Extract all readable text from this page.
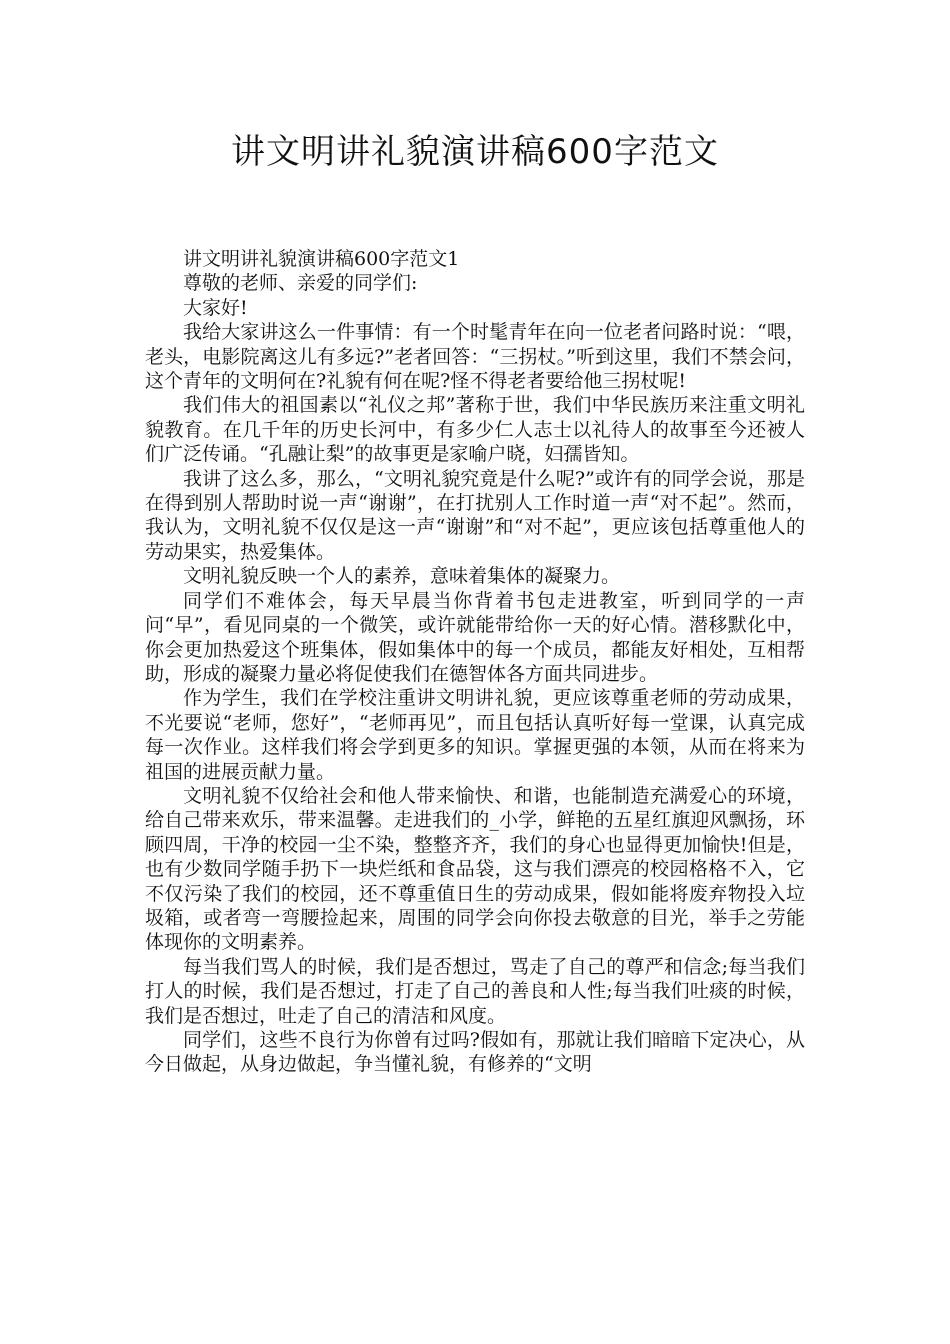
讲文明讲礼貌演讲稿600字范文

讲文明讲礼貌演讲稿600字范文1

尊敬的老师、亲爱的同学们:

大家好!

我给大家讲这么一件事情：有一个时髦青年在向一位老者问路时说：“喂，老头，电影院离这儿有多远?”老者回答：“三拐杖。”听到这里，我们不禁会问，这个青年的文明何在?礼貌有何在呢?怪不得老者要给他三拐杖呢!

我们伟大的祖国素以“礼仪之邦”著称于世，我们中华民族历来注重文明礼貌教育。在几千年的历史长河中，有多少仁人志士以礼待人的故事至今还被人们广泛传诵。“孔融让梨”的故事更是家喻户晓，妇孺皆知。

我讲了这么多，那么，“文明礼貌究竟是什么呢?”或许有的同学会说，那是在得到别人帮助时说一声“谢谢”，在打扰别人工作时道一声“对不起”。然而，我认为，文明礼貌不仅仅是这一声“谢谢”和“对不起”，更应该包括尊重他人的劳动果实，热爱集体。

文明礼貌反映一个人的素养，意味着集体的凝聚力。

同学们不难体会，每天早晨当你背着书包走进教室，听到同学的一声问“早”，看见同桌的一个微笑，或许就能带给你一天的好心情。潜移默化中，你会更加热爱这个班集体，假如集体中的每一个成员，都能友好相处，互相帮助，形成的凝聚力量必将促使我们在德智体各方面共同进步。

作为学生，我们在学校注重讲文明讲礼貌，更应该尊重老师的劳动成果，不光要说“老师，您好”，“老师再见”，而且包括认真听好每一堂课，认真完成每一次作业。这样我们将会学到更多的知识。掌握更强的本领，从而在将来为祖国的进展贡献力量。

文明礼貌不仅给社会和他人带来愉快、和谐，也能制造充满爱心的环境，给自己带来欢乐，带来温馨。走进我们的_小学，鲜艳的五星红旗迎风飘扬，环顾四周，干净的校园一尘不染，整整齐齐，我们的身心也显得更加愉快!但是，也有少数同学随手扔下一块烂纸和食品袋，这与我们漂亮的校园格格不入，它不仅污染了我们的校园，还不尊重值日生的劳动成果，假如能将废弃物投入垃圾箱，或者弯一弯腰捡起来，周围的同学会向你投去敬意的目光，举手之劳能体现你的文明素养。

每当我们骂人的时候，我们是否想过，骂走了自己的尊严和信念;每当我们打人的时候，我们是否想过，打走了自己的善良和人性;每当我们吐痰的时候，我们是否想过，吐走了自己的清洁和风度。

同学们，这些不良行为你曾有过吗?假如有，那就让我们暗暗下定决心，从今日做起，从身边做起，争当懂礼貌，有修养的“文明
